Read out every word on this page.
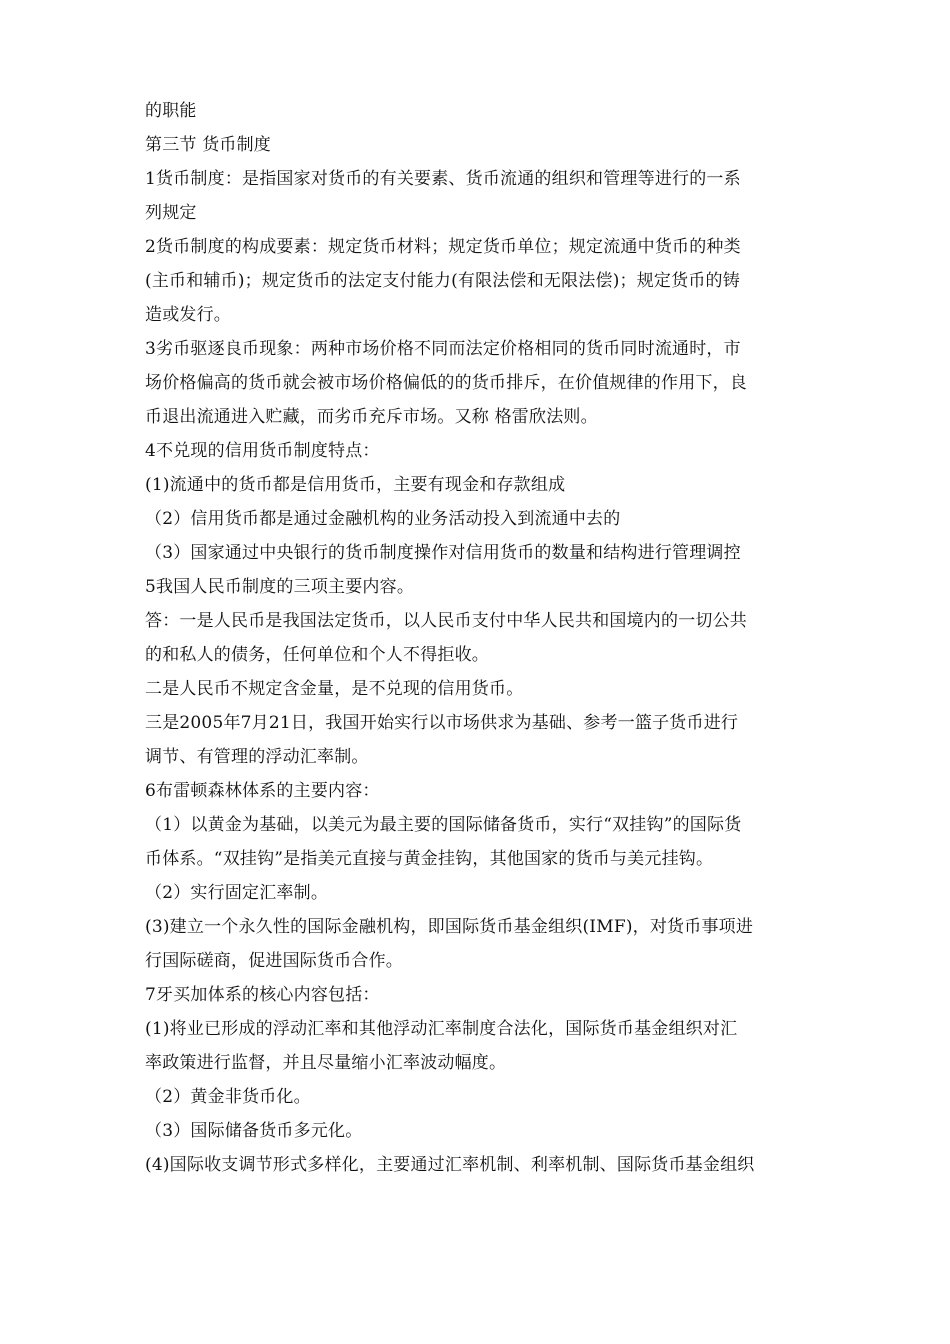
的职能
第三节 货币制度
1货币制度：是指国家对货币的有关要素、货币流通的组织和管理等进行的一系
列规定
2货币制度的构成要素：规定货币材料；规定货币单位；规定流通中货币的种类
(主币和辅币)；规定货币的法定支付能力(有限法偿和无限法偿)；规定货币的铸
造或发行。
3劣币驱逐良币现象：两种市场价格不同而法定价格相同的货币同时流通时，市
场价格偏高的货币就会被市场价格偏低的的货币排斥，在价值规律的作用下，良
币退出流通进入贮藏，而劣币充斥市场。又称 格雷欣法则。
4不兑现的信用货币制度特点：
(1)流通中的货币都是信用货币，主要有现金和存款组成
（2）信用货币都是通过金融机构的业务活动投入到流通中去的
（3）国家通过中央银行的货币制度操作对信用货币的数量和结构进行管理调控
5我国人民币制度的三项主要内容。
答：一是人民币是我国法定货币，以人民币支付中华人民共和国境内的一切公共
的和私人的债务，任何单位和个人不得拒收。
二是人民币不规定含金量，是不兑现的信用货币。
三是2005年7月21日，我国开始实行以市场供求为基础、参考一篮子货币进行
调节、有管理的浮动汇率制。
6布雷顿森林体系的主要内容：
（1）以黄金为基础，以美元为最主要的国际储备货币，实行“双挂钩”的国际货
币体系。“双挂钩”是指美元直接与黄金挂钩，其他国家的货币与美元挂钩。
（2）实行固定汇率制。
(3)建立一个永久性的国际金融机构，即国际货币基金组织(IMF)，对货币事项进
行国际磋商，促进国际货币合作。
7牙买加体系的核心内容包括：
(1)将业已形成的浮动汇率和其他浮动汇率制度合法化，国际货币基金组织对汇
率政策进行监督，并且尽量缩小汇率波动幅度。
（2）黄金非货币化。
（3）国际储备货币多元化。
(4)国际收支调节形式多样化，主要通过汇率机制、利率机制、国际货币基金组织
